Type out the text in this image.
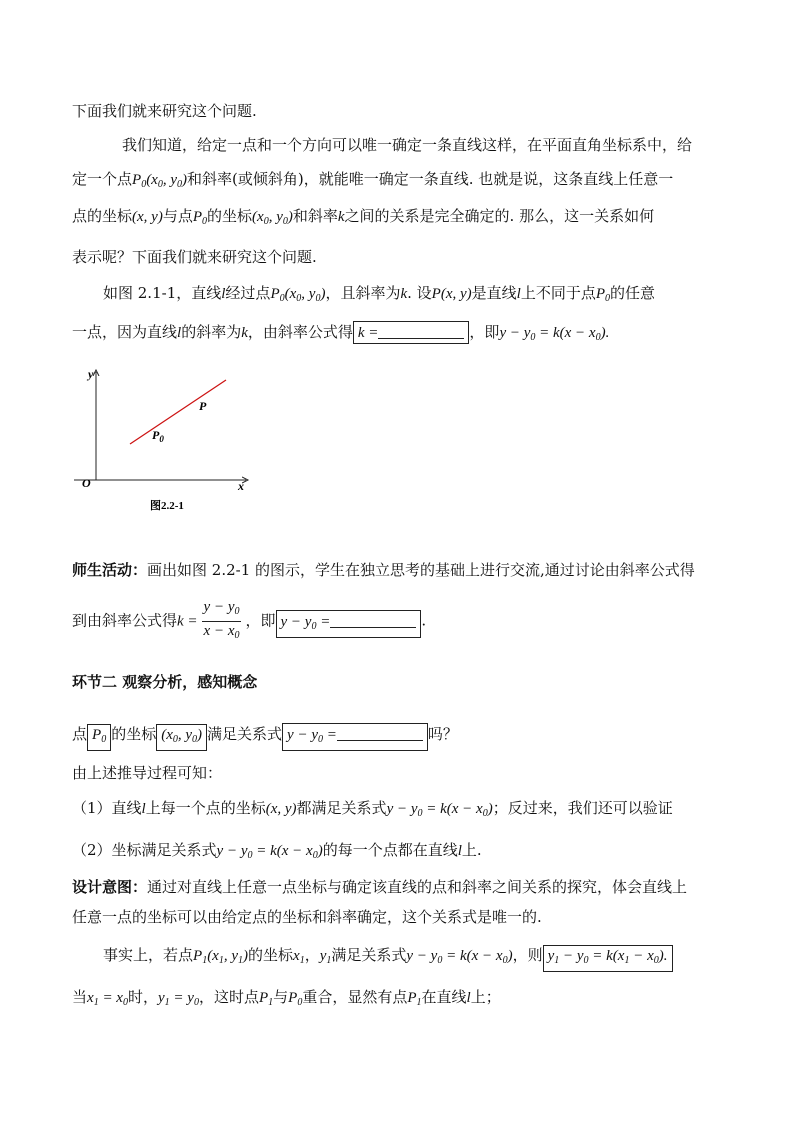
下面我们就来研究这个问题.
我们知道，给定一点和一个方向可以唯一确定一条直线这样，在平面直角坐标系中，给
定一个点$P_0(x_0$, $y_0$)和斜率(或倾斜角)，就能唯一确定一条直线. 也就是说，这条直线上任意一
点的坐标(x, y)与点$P_0$的坐标($x_0$, $y_0$)和斜率k之间的关系是完全确定的. 那么，这一关系如何
表示呢？下面我们就来研究这个问题.
如图 2.1-1，直线l经过点$P_0(x_0$, $y_0$)，且斜率为k. 设P(x, y)是直线l上不同于点$P_0$的任意
一点，因为直线l的斜率为k，由斜率公式得 k =	，即$y - y_0 = k(x - x_0)$.
y
x
O
P
$P_0$
图2.2-1
师生活动：画出如图 2.2-1 的图示，学生在独立思考的基础上进行交流,通过讨论由斜率公式得
到由斜率公式得$k = \frac{y - y_0}{x - x_0}$ ，即 $y - y_0$ =	.
环节二 观察分析，感知概念
点 $P_0$ 的坐标 ($x_0$, $y_0$) 满足关系式 $y - y_0$ =	吗？
由上述推导过程可知：
（1）直线l上每一个点的坐标(x, y)都满足关系式$y - y_0 = k(x - x_0)$；反过来，我们还可以验证
（2）坐标满足关系式$y - y_0 = k(x - x_0)$的每一个点都在直线l上.
设计意图：通过对直线上任意一点坐标与确定该直线的点和斜率之间关系的探究，体会直线上
任意一点的坐标可以由给定点的坐标和斜率确定，这个关系式是唯一的.
事实上，若点$P_1(x_1$, $y_1$)的坐标$x_1$，$y_1$满足关系式$y - y_0 = k(x - x_0)$，则 $y_1 - y_0 = k(x_1 - x_0)$.
当$x_1 = x_0$时，$y_1 = y_0$，这时点$P_1$与$P_0$重合，显然有点$P_1$在直线l上；
